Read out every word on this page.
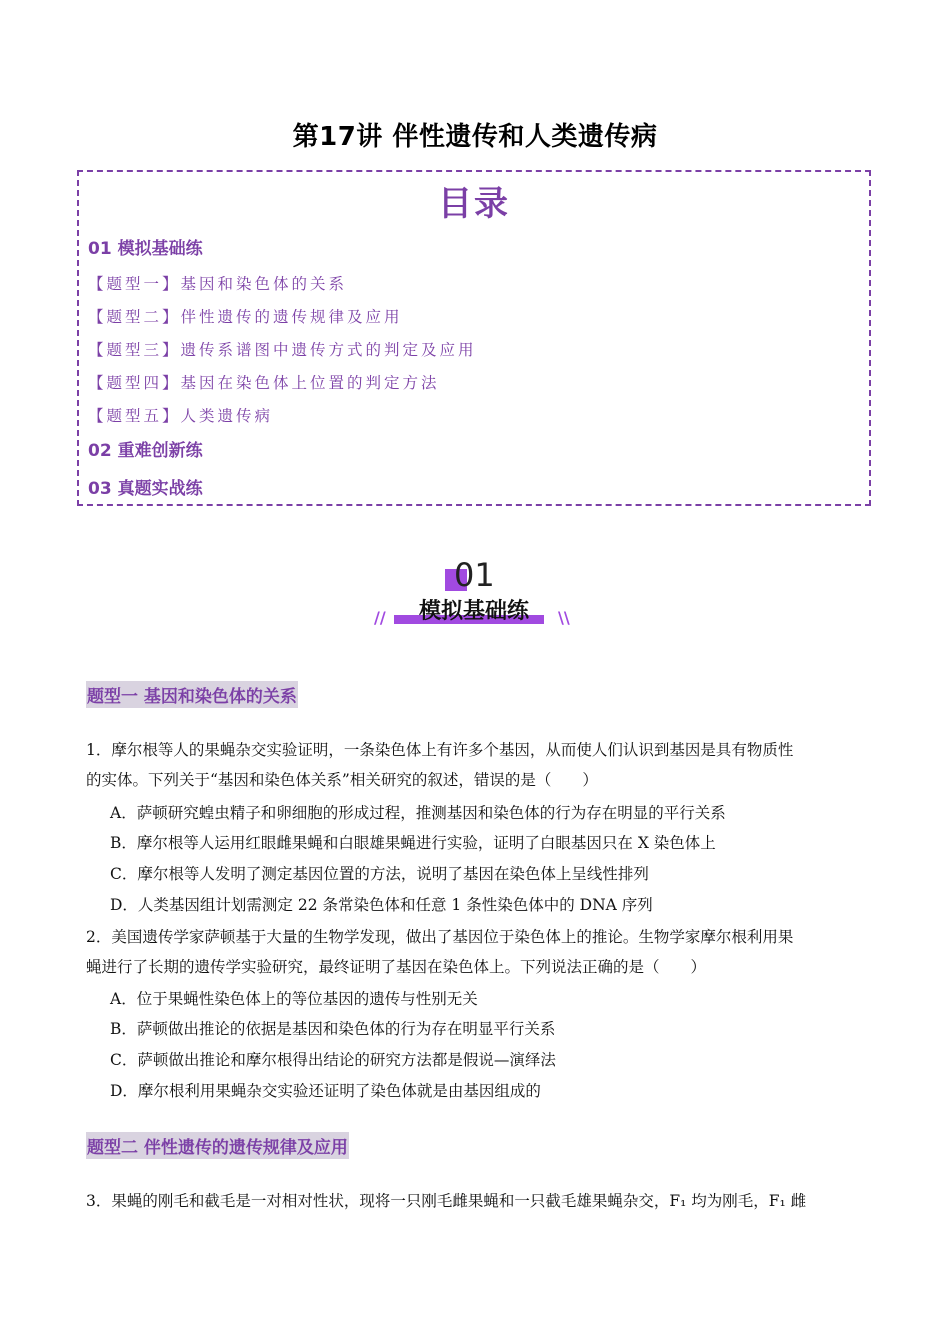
第17讲 伴性遗传和人类遗传病
目录
01 模拟基础练
【题型一】基因和染色体的关系
【题型二】伴性遗传的遗传规律及应用
【题型三】遗传系谱图中遗传方式的判定及应用
【题型四】基因在染色体上位置的判定方法
【题型五】人类遗传病
02 重难创新练
03 真题实战练
01
模拟基础练
//	\\
题型一 基因和染色体的关系
1．摩尔根等人的果蝇杂交实验证明，一条染色体上有许多个基因，从而使人们认识到基因是具有物质性
的实体。下列关于“基因和染色体关系”相关研究的叙述，错误的是（　　）
A．萨顿研究蝗虫精子和卵细胞的形成过程，推测基因和染色体的行为存在明显的平行关系
B．摩尔根等人运用红眼雌果蝇和白眼雄果蝇进行实验，证明了白眼基因只在 X 染色体上
C．摩尔根等人发明了测定基因位置的方法，说明了基因在染色体上呈线性排列
D．人类基因组计划需测定 22 条常染色体和任意 1 条性染色体中的 DNA 序列
2．美国遗传学家萨顿基于大量的生物学发现，做出了基因位于染色体上的推论。生物学家摩尔根利用果
蝇进行了长期的遗传学实验研究，最终证明了基因在染色体上。下列说法正确的是（　　）
A．位于果蝇性染色体上的等位基因的遗传与性别无关
B．萨顿做出推论的依据是基因和染色体的行为存在明显平行关系
C．萨顿做出推论和摩尔根得出结论的研究方法都是假说—演绎法
D．摩尔根利用果蝇杂交实验还证明了染色体就是由基因组成的
题型二 伴性遗传的遗传规律及应用
3．果蝇的刚毛和截毛是一对相对性状，现将一只刚毛雌果蝇和一只截毛雄果蝇杂交，F₁ 均为刚毛，F₁ 雌
